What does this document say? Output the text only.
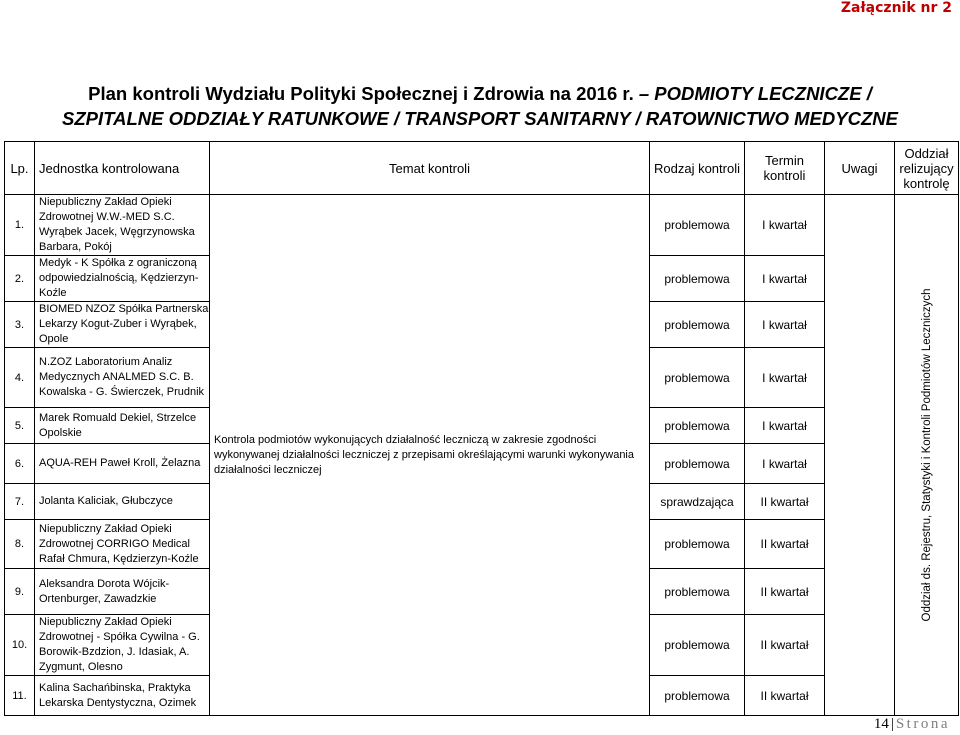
Załącznik nr 2
Plan kontroli Wydziału Polityki Społecznej i Zdrowia na 2016 r. – PODMIOTY LECZNICZE /
SZPITALNE ODDZIAŁY RATUNKOWE / TRANSPORT SANITARNY / RATOWNICTWO MEDYCZNE
Lp.	Jednostka kontrolowana	Temat kontroli	Rodzaj kontroli	Termin kontroli	Uwagi	Oddział relizujący kontrolę
1.	Niepubliczny Zakład Opieki Zdrowotnej W.W.-MED S.C. Wyrąbek Jacek, Węgrzynowska Barbara, Pokój	Kontrola podmiotów wykonujących działalność leczniczą w zakresie zgodności wykonywanej działalności leczniczej z przepisami określającymi warunki wykonywania działalności leczniczej	problemowa	I kwartał		Oddział ds. Rejestru, Statystyki i Kontroli Podmiotów Leczniczych

2.	Medyk - K Spółka z ograniczoną odpowiedzialnością, Kędzierzyn-Koźle		problemowa	I kwartał		
3.	BIOMED NZOZ Spółka Partnerska Lekarzy Kogut-Zuber i Wyrąbek, Opole		problemowa	I kwartał		
4.	N.ZOZ Laboratorium Analiz Medycznych ANALMED S.C. B. Kowalska - G. Świerczek, Prudnik		problemowa	I kwartał		
5.	Marek Romuald Dekiel, Strzelce Opolskie		problemowa	I kwartał		
6.	AQUA-REH Paweł Kroll, Żelazna		problemowa	I kwartał		
7.	Jolanta Kaliciak, Głubczyce		sprawdzająca	II kwartał		
8.	Niepubliczny Zakład Opieki Zdrowotnej CORRIGO Medical Rafał Chmura, Kędzierzyn-Koźle		problemowa	II kwartał		
9.	Aleksandra Dorota Wójcik-Ortenburger, Zawadzkie		problemowa	II kwartał		
10.	Niepubliczny Zakład Opieki Zdrowotnej - Spółka Cywilna - G. Borowik-Bzdzion, J. Idasiak, A. Zygmunt, Olesno		problemowa	II kwartał		
11.	Kalina Sachańbinska, Praktyka Lekarska Dentystyczna, Ozimek		problemowa	II kwartał		
14 | Strona
